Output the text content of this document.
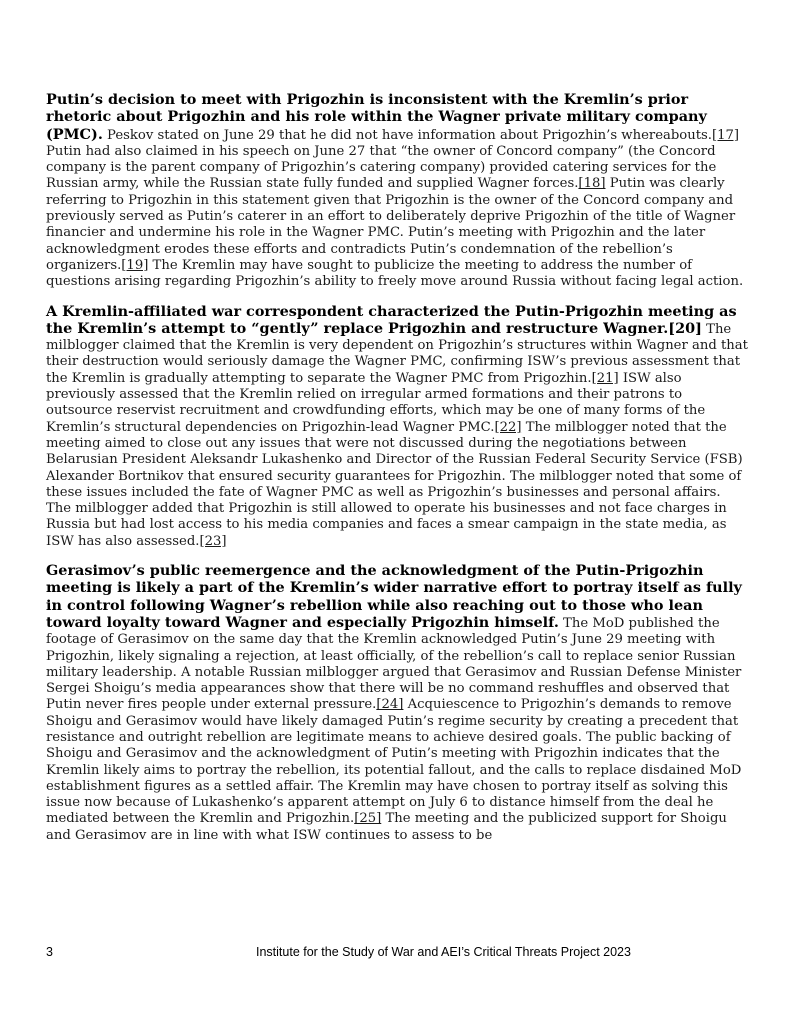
Putin’s decision to meet with Prigozhin is inconsistent with the Kremlin’s prior rhetoric about Prigozhin and his role within the Wagner private military company (PMC). Peskov stated on June 29 that he did not have information about Prigozhin’s whereabouts.[17] Putin had also claimed in his speech on June 27 that “the owner of Concord company” (the Concord company is the parent company of Prigozhin’s catering company) provided catering services for the Russian army, while the Russian state fully funded and supplied Wagner forces.[18] Putin was clearly referring to Prigozhin in this statement given that Prigozhin is the owner of the Concord company and previously served as Putin’s caterer in an effort to deliberately deprive Prigozhin of the title of Wagner financier and undermine his role in the Wagner PMC. Putin’s meeting with Prigozhin and the later acknowledgment erodes these efforts and contradicts Putin’s condemnation of the rebellion’s organizers.[19] The Kremlin may have sought to publicize the meeting to address the number of questions arising regarding Prigozhin’s ability to freely move around Russia without facing legal action.

A Kremlin-affiliated war correspondent characterized the Putin-Prigozhin meeting as the Kremlin’s attempt to “gently” replace Prigozhin and restructure Wagner.[20] The milblogger claimed that the Kremlin is very dependent on Prigozhin’s structures within Wagner and that their destruction would seriously damage the Wagner PMC, confirming ISW’s previous assessment that the Kremlin is gradually attempting to separate the Wagner PMC from Prigozhin.[21] ISW also previously assessed that the Kremlin relied on irregular armed formations and their patrons to outsource reservist recruitment and crowdfunding efforts, which may be one of many forms of the Kremlin’s structural dependencies on Prigozhin-lead Wagner PMC.[22] The milblogger noted that the meeting aimed to close out any issues that were not discussed during the negotiations between Belarusian President Aleksandr Lukashenko and Director of the Russian Federal Security Service (FSB) Alexander Bortnikov that ensured security guarantees for Prigozhin. The milblogger noted that some of these issues included the fate of Wagner PMC as well as Prigozhin’s businesses and personal affairs. The milblogger added that Prigozhin is still allowed to operate his businesses and not face charges in Russia but had lost access to his media companies and faces a smear campaign in the state media, as ISW has also assessed.[23]

Gerasimov’s public reemergence and the acknowledgment of the Putin-Prigozhin meeting is likely a part of the Kremlin’s wider narrative effort to portray itself as fully in control following Wagner’s rebellion while also reaching out to those who lean toward loyalty toward Wagner and especially Prigozhin himself. The MoD published the footage of Gerasimov on the same day that the Kremlin acknowledged Putin’s June 29 meeting with Prigozhin, likely signaling a rejection, at least officially, of the rebellion’s call to replace senior Russian military leadership. A notable Russian milblogger argued that Gerasimov and Russian Defense Minister Sergei Shoigu’s media appearances show that there will be no command reshuffles and observed that Putin never fires people under external pressure.[24] Acquiescence to Prigozhin’s demands to remove Shoigu and Gerasimov would have likely damaged Putin’s regime security by creating a precedent that resistance and outright rebellion are legitimate means to achieve desired goals. The public backing of Shoigu and Gerasimov and the acknowledgment of Putin’s meeting with Prigozhin indicates that the Kremlin likely aims to portray the rebellion, its potential fallout, and the calls to replace disdained MoD establishment figures as a settled affair. The Kremlin may have chosen to portray itself as solving this issue now because of Lukashenko’s apparent attempt on July 6 to distance himself from the deal he mediated between the Kremlin and Prigozhin.[25] The meeting and the publicized support for Shoigu and Gerasimov are in line with what ISW continues to assess to be

3	Institute for the Study of War and AEI’s Critical Threats Project 2023
